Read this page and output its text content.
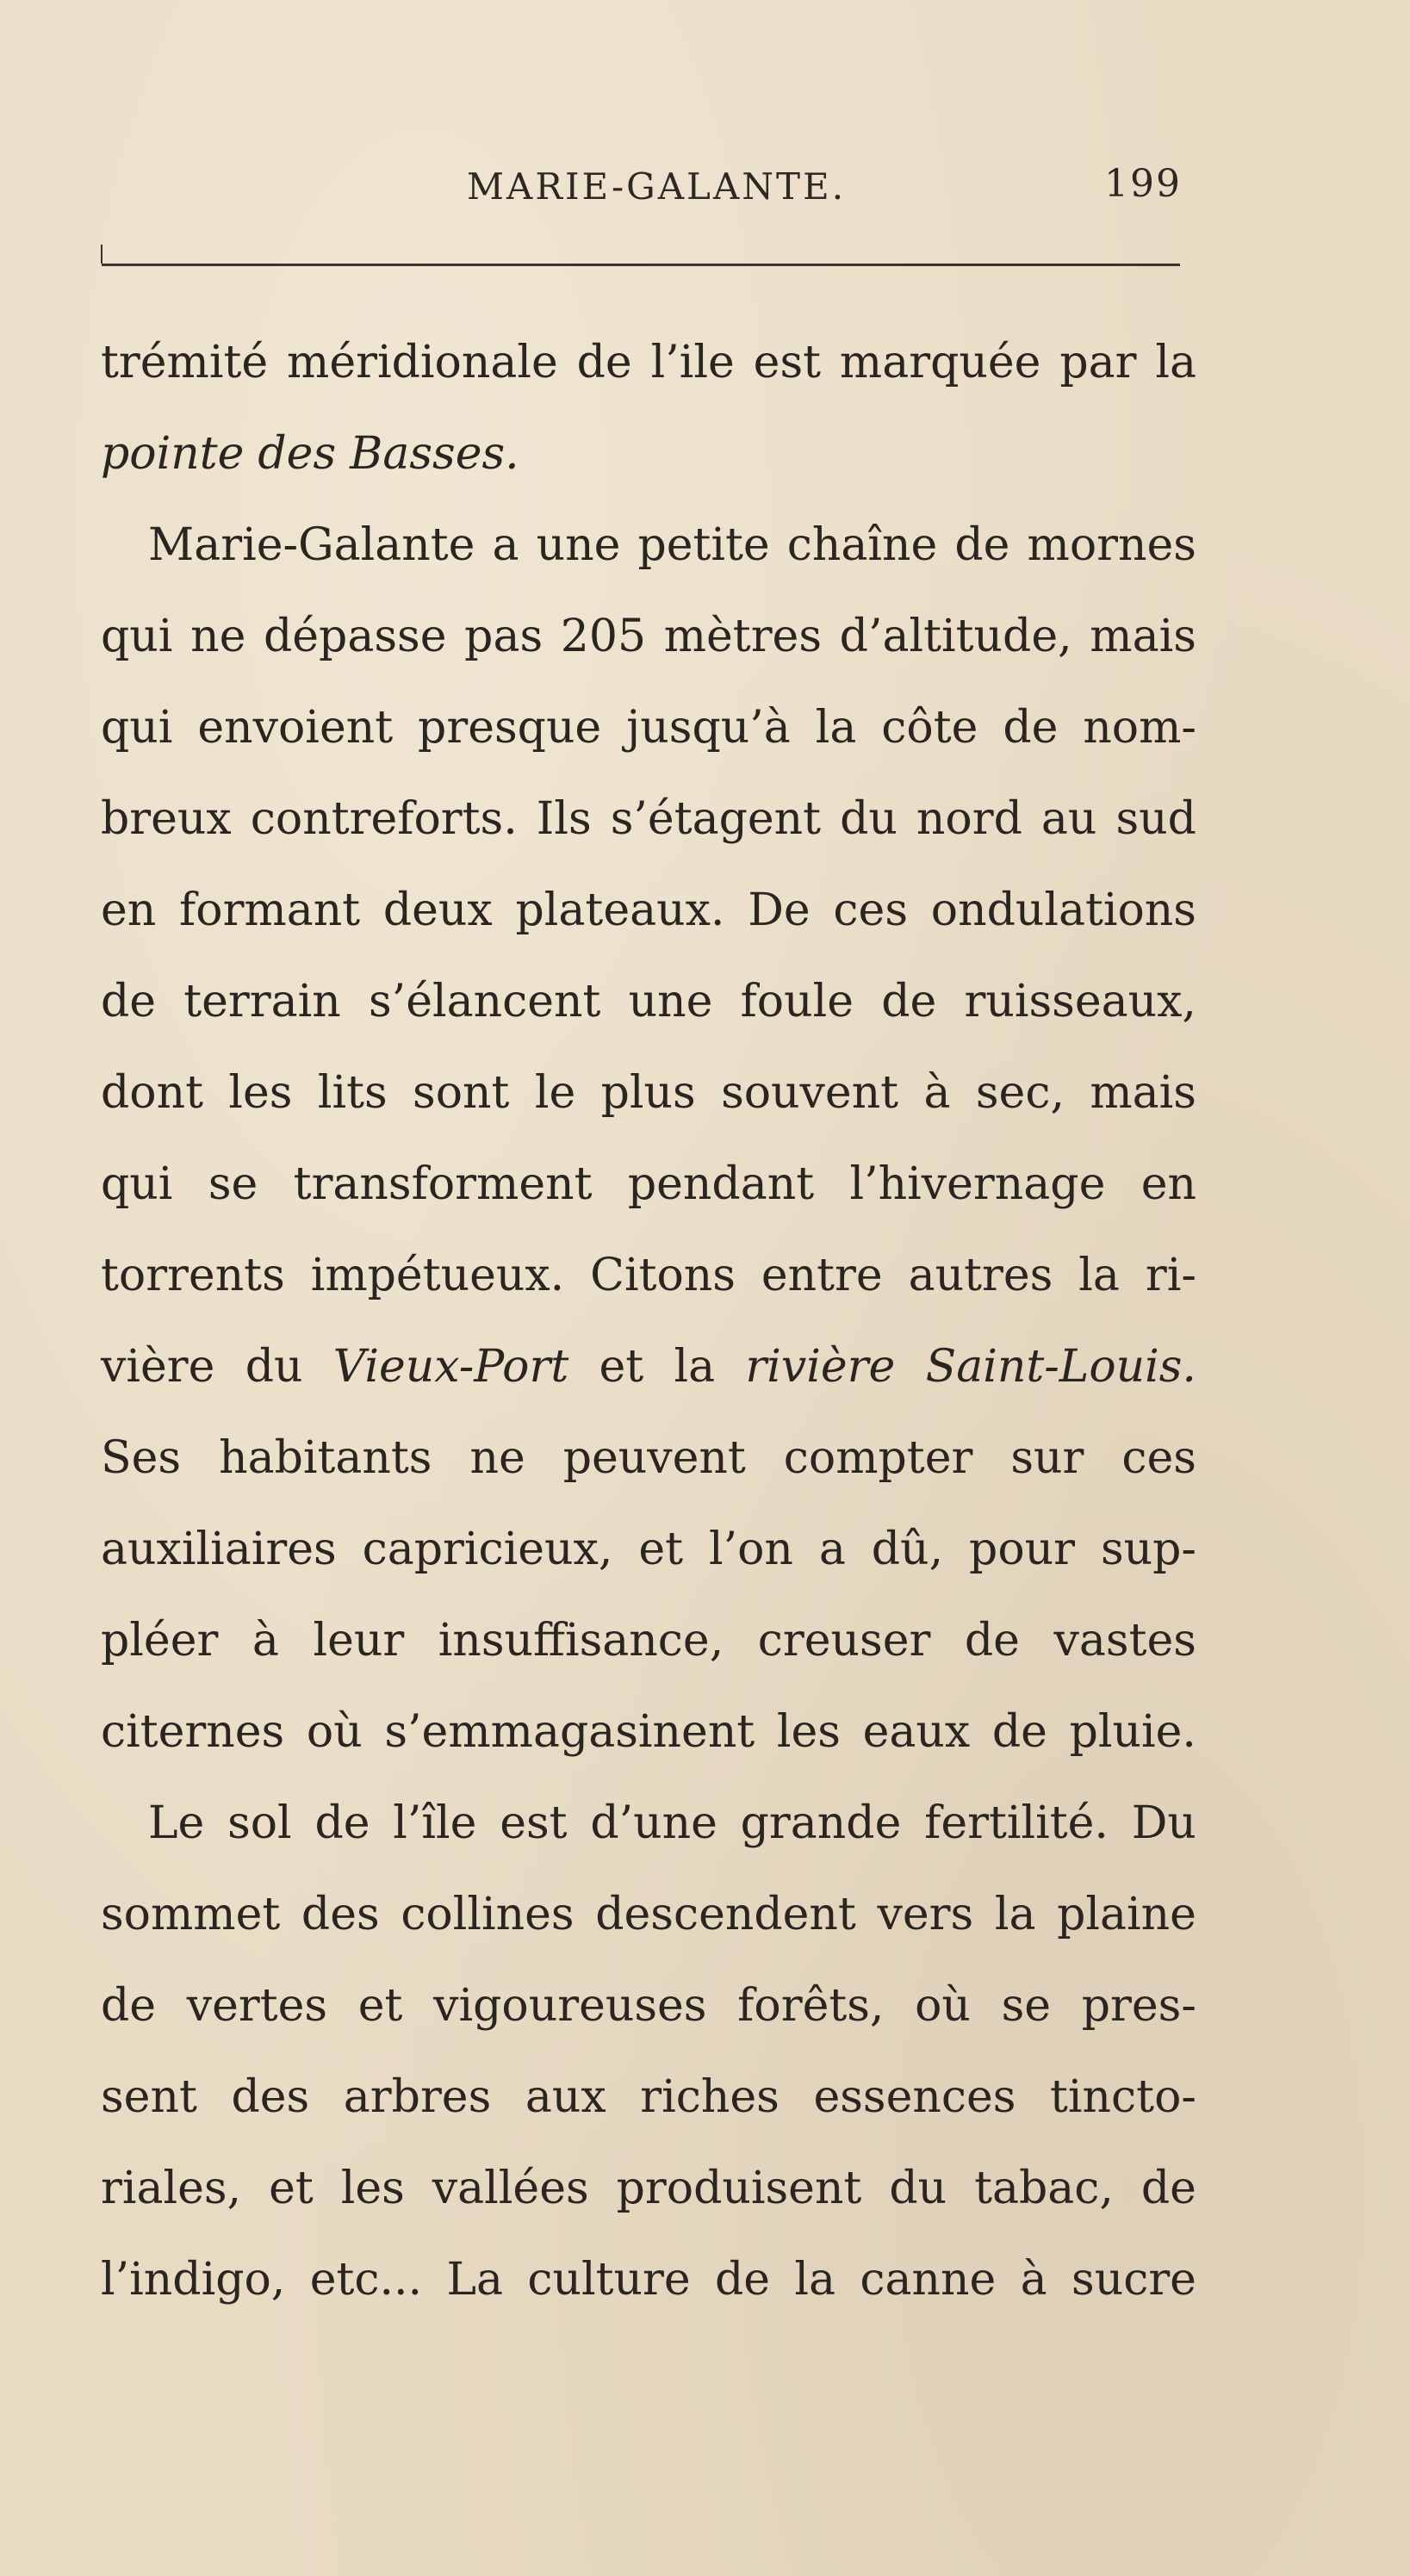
MARIE-GALANTE.	199
trémité méridionale de l’ile est marquée par la
pointe des Basses.
Marie-Galante a une petite chaîne de mornes
qui ne dépasse pas 205 mètres d’altitude, mais
qui envoient presque jusqu’à la côte de nom-
breux contreforts. Ils s’étagent du nord au sud
en formant deux plateaux. De ces ondulations
de terrain s’élancent une foule de ruisseaux,
dont les lits sont le plus souvent à sec, mais
qui se transforment pendant l’hivernage en
torrents impétueux. Citons entre autres la ri-
vière du Vieux-Port et la rivière Saint-Louis.
Ses habitants ne peuvent compter sur ces
auxiliaires capricieux, et l’on a dû, pour sup-
pléer à leur insuffisance, creuser de vastes
citernes où s’emmagasinent les eaux de pluie.
Le sol de l’île est d’une grande fertilité. Du
sommet des collines descendent vers la plaine
de vertes et vigoureuses forêts, où se pres-
sent des arbres aux riches essences tincto-
riales, et les vallées produisent du tabac, de
l’indigo, etc... La culture de la canne à sucre
